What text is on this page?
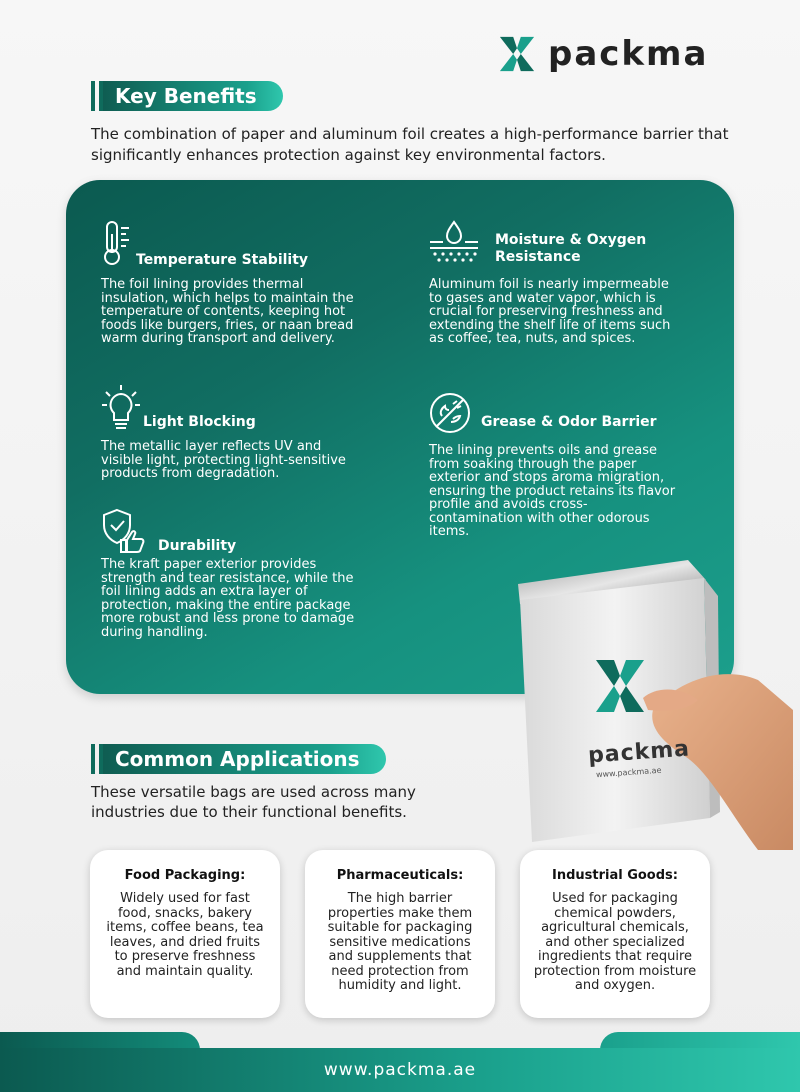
packma
Key Benefits

The combination of paper and aluminum foil creates a high-performance barrier that significantly enhances protection against key environmental factors.

Temperature Stability
The foil lining provides thermal insulation, which helps to maintain the temperature of contents, keeping hot foods like burgers, fries, or naan bread warm during transport and delivery.
Light Blocking
The metallic layer reflects UV and visible light, protecting light-sensitive products from degradation.
Durability
The kraft paper exterior provides strength and tear resistance, while the foil lining adds an extra layer of protection, making the entire package more robust and less prone to damage during handling.
Moisture & Oxygen Resistance
Aluminum foil is nearly impermeable to gases and water vapor, which is crucial for preserving freshness and extending the shelf life of items such as coffee, tea, nuts, and spices.
Grease & Odor Barrier
The lining prevents oils and grease from soaking through the paper exterior and stops aroma migration, ensuring the product retains its flavor profile and avoids cross-contamination with other odorous items.
packma
www.packma.ae
Common Applications

These versatile bags are used across many industries due to their functional benefits.

Food Packaging:
Widely used for fast food, snacks, bakery items, coffee beans, tea leaves, and dried fruits to preserve freshness and maintain quality.
Pharmaceuticals:
The high barrier properties make them suitable for packaging sensitive medications and supplements that need protection from humidity and light.
Industrial Goods:
Used for packaging chemical powders, agricultural chemicals, and other specialized ingredients that require protection from moisture and oxygen.
www.packma.ae
